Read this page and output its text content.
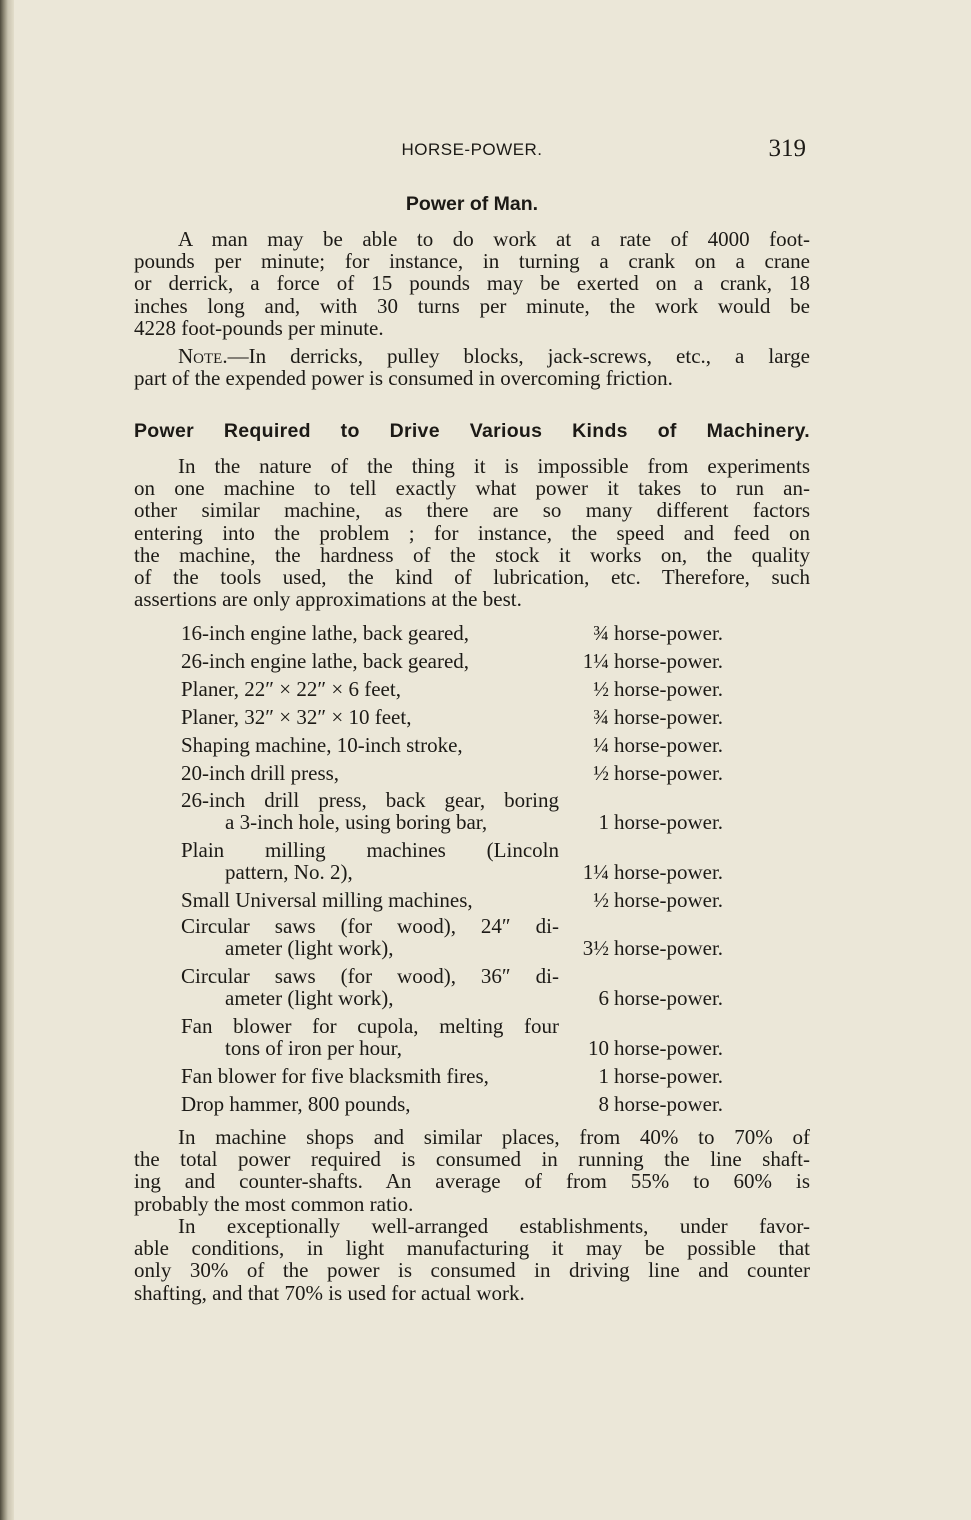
HORSE-POWER.	319
Power of Man.
A man may be able to do work at a rate of 4000 foot-
pounds per minute; for instance, in turning a crank on a crane
or derrick, a force of 15 pounds may be exerted on a crank, 18
inches long and, with 30 turns per minute, the work would be
4228 foot-pounds per minute.
Note.—In derricks, pulley blocks, jack-screws, etc., a large
part of the expended power is consumed in overcoming friction.
Power Required to Drive Various Kinds of Machinery.
In the nature of the thing it is impossible from experiments
on one machine to tell exactly what power it takes to run an-
other similar machine, as there are so many different factors
entering into the problem ; for instance, the speed and feed on
the machine, the hardness of the stock it works on, the quality
of the tools used, the kind of lubrication, etc. Therefore, such
assertions are only approximations at the best.
16-inch engine lathe, back geared,	¾ horse-power.
26-inch engine lathe, back geared,	1¼ horse-power.
Planer, 22″ × 22″ × 6 feet,	½ horse-power.
Planer, 32″ × 32″ × 10 feet,	¾ horse-power.
Shaping machine, 10-inch stroke,	¼ horse-power.
20-inch drill press,	½ horse-power.
26-inch drill press, back gear, boring
a 3-inch hole, using boring bar,	1 horse-power.
Plain milling machines (Lincoln
pattern, No. 2),	1¼ horse-power.
Small Universal milling machines,	½ horse-power.
Circular saws (for wood), 24″ di-
ameter (light work),	3½ horse-power.
Circular saws (for wood), 36″ di-
ameter (light work),	6 horse-power.
Fan blower for cupola, melting four
tons of iron per hour,	10 horse-power.
Fan blower for five blacksmith fires,	1 horse-power.
Drop hammer, 800 pounds,	8 horse-power.
In machine shops and similar places, from 40% to 70% of
the total power required is consumed in running the line shaft-
ing and counter-shafts. An average of from 55% to 60% is
probably the most common ratio.
In exceptionally well-arranged establishments, under favor-
able conditions, in light manufacturing it may be possible that
only 30% of the power is consumed in driving line and counter
shafting, and that 70% is used for actual work.
